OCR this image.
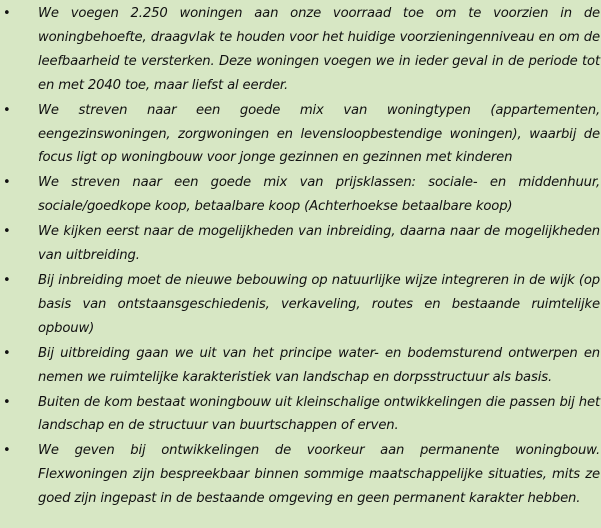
•	We voegen 2.250 woningen aan onze voorraad toe om te voorzien in de woningbehoefte, draagvlak te houden voor het huidige voorzieningenniveau en om de leefbaarheid te versterken. Deze woningen voegen we in ieder geval in de periode tot en met 2040 toe, maar liefst al eerder.
•	We streven naar een goede mix van woningtypen (appartementen, eengezinswoningen, zorgwoningen en levensloopbestendige woningen), waarbij de focus ligt op woningbouw voor jonge gezinnen en gezinnen met kinderen
•	We streven naar een goede mix van prijsklassen: sociale- en middenhuur, sociale/goedkope koop, betaalbare koop (Achterhoekse betaalbare koop)
•	We kijken eerst naar de mogelijkheden van inbreiding, daarna naar de mogelijkheden van uitbreiding.
•	Bij inbreiding moet de nieuwe bebouwing op natuurlijke wijze integreren in de wijk (op basis van ontstaansgeschiedenis, verkaveling, routes en bestaande ruimtelijke opbouw)
•	Bij uitbreiding gaan we uit van het principe water- en bodemsturend ontwerpen en nemen we ruimtelijke karakteristiek van landschap en dorpsstructuur als basis.
•	Buiten de kom bestaat woningbouw uit kleinschalige ontwikkelingen die passen bij het landschap en de structuur van buurtschappen of erven.
•	We geven bij ontwikkelingen de voorkeur aan permanente woningbouw. Flexwoningen zijn bespreekbaar binnen sommige maatschappelijke situaties, mits ze goed zijn ingepast in de bestaande omgeving en geen permanent karakter hebben.
